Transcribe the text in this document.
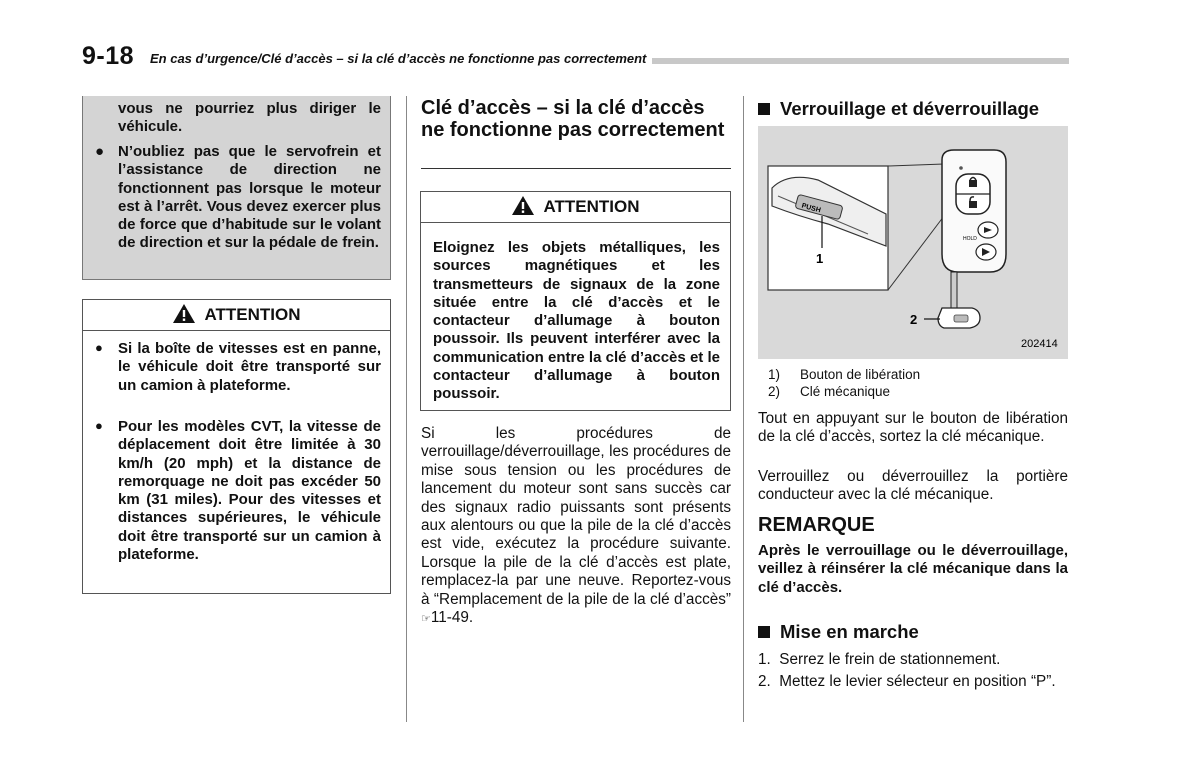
9-18 En cas d’urgence/Clé d’accès – si la clé d’accès ne fonctionne pas correctement
vous ne pourriez plus diriger le véhicule.
● N’oubliez pas que le servofrein et l’assistance de direction ne fonctionnent pas lorsque le moteur est à l’arrêt. Vous devez exercer plus de force que d’habitude sur le volant de direction et sur la pédale de frein.
ATTENTION
● Si la boîte de vitesses est en panne, le véhicule doit être transporté sur un camion à plateforme.
● Pour les modèles CVT, la vitesse de déplacement doit être limitée à 30 km/h (20 mph) et la distance de remorquage ne doit pas excéder 50 km (31 miles). Pour des vitesses et distances supérieures, le véhicule doit être transporté sur un camion à plateforme.
Clé d’accès – si la clé d’accès ne fonctionne pas correctement
ATTENTION
Eloignez les objets métalliques, les sources magnétiques et les transmetteurs de signaux de la zone située entre la clé d’accès et le contacteur d’allumage à bouton poussoir. Ils peuvent interférer avec la communication entre la clé d’accès et le contacteur d’allumage à bouton poussoir.
Si les procédures de verrouillage/déverrouillage, les procédures de mise sous tension ou les procédures de lancement du moteur sont sans succès car des signaux radio puissants sont présents aux alentours ou que la pile de la clé d’accès est vide, exécutez la procédure suivante. Lorsque la pile de la clé d’accès est plate, remplacez-la par une neuve. Reportez-vous à “Remplacement de la pile de la clé d’accès” ☞11-49.
Verrouillage et déverrouillage
PUSH
1
HOLD
2
202414
1) Bouton de libération
2) Clé mécanique
Tout en appuyant sur le bouton de libération de la clé d’accès, sortez la clé mécanique.
Verrouillez ou déverrouillez la portière conducteur avec la clé mécanique.
REMARQUE
Après le verrouillage ou le déverrouillage, veillez à réinsérer la clé mécanique dans la clé d’accès.
Mise en marche
1. Serrez le frein de stationnement.
2. Mettez le levier sélecteur en position “P”.
